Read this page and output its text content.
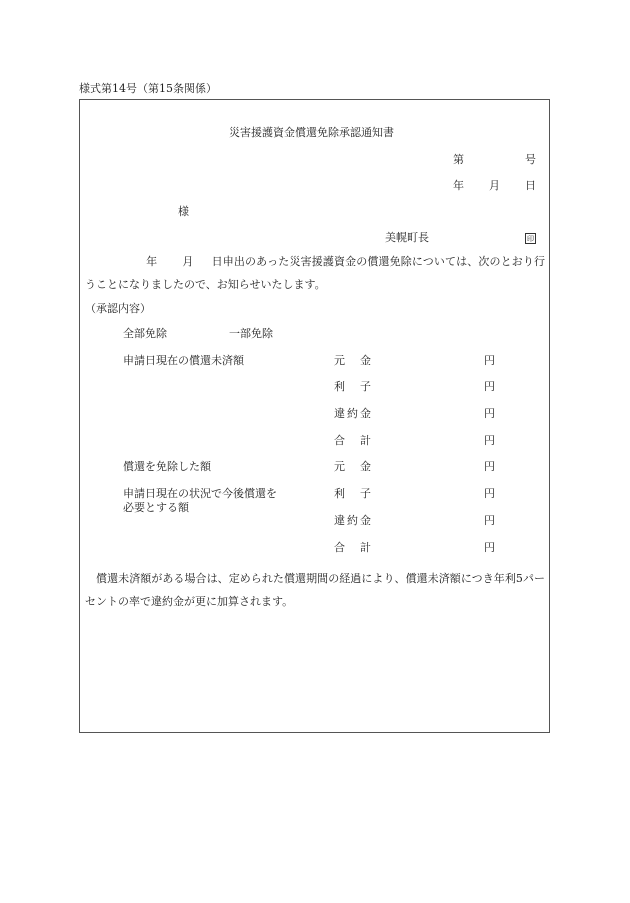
様式第14号（第15条関係）
災害援護資金償還免除承認通知書
第	号
年 月 日
様
美幌町長	印
年 月 日申出のあった災害援護資金の償還免除については、次のとおり行うことになりましたので、お知らせいたします。
（承認内容）
全部免除	一部免除
申請日現在の償還未済額	元　金	円
利　子	円
違約金	円
合　計	円
償還を免除した額	元　金	円
申請日現在の状況で今後償還を必要とする額
利　子	円
違約金	円
合　計	円
償還未済額がある場合は、定められた償還期間の経過により、償還未済額につき年利5パーセントの率で違約金が更に加算されます。
